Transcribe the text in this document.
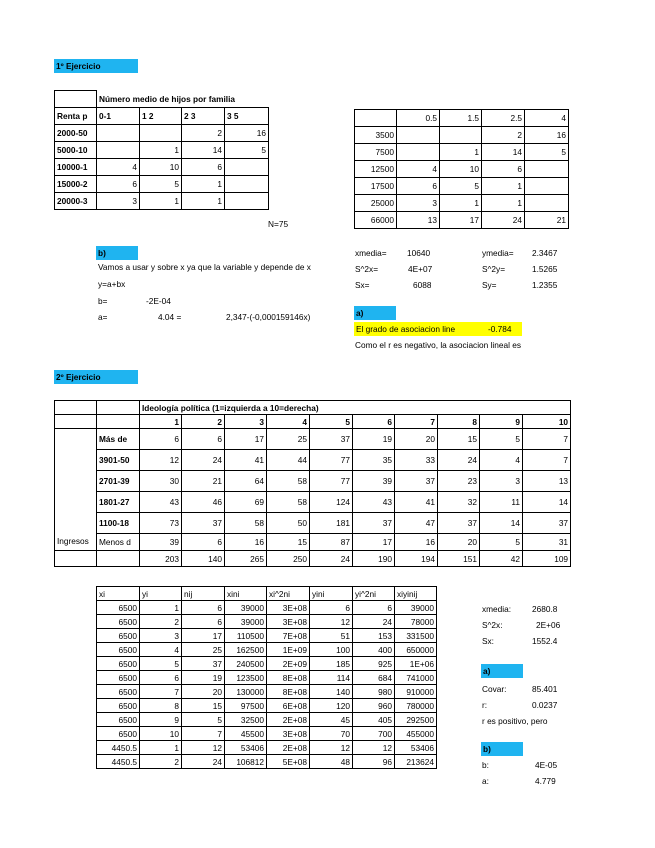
1º Ejercicio
	Número medio de hijos por familia			
Renta p	0-1	1 2	2 3	3 5
2000-50			2	16
5000-10		1	14	5
10000-1	4	10	6	
15000-2	6	5	1	
20000-3	3	1	1	
N=75
	0.5	1.5	2.5	4
3500			2	16
7500		1	14	5
12500	4	10	6	
17500	6	5	1	
25000	3	1	1	
66000	13	17	24	21
b)
Vamos a usar y sobre x ya que la variable y depende de x
y=a+bx
b=	-2E-04
a=	4.04 =	2,347-(-0,000159146x)
xmedia= 10640	ymedia= 2.3467
S^2x=	4E+07	S^2y=	1.5265
Sx=	6088	Sy=	1.2355
a)
El grado de asociacion line	-0.784
Como el r es negativo, la asociacion lineal es
2º Ejercicio
		Ideología política (1=izquierda a 10=derecha)									
		1	2	3	4	5	6	7	8	9	10
Ingresos	Más de	6	6	17	25	37	19	20	15	5	7
	3901-50	12	24	41	44	77	35	33	24	4	7
	2701-39	30	21	64	58	77	39	37	23	3	13
	1801-27	43	46	69	58	124	43	41	32	11	14
	1100-18	73	37	58	50	181	37	47	37	14	37
	Menos d	39	6	16	15	87	17	16	20	5	31
		203	140	265	250	24	190	194	151	42	109
xi	yi	nij	xini	xi^2ni	yini	yi^2ni	xiyinij
6500	1	6	39000	3E+08	6	6	39000
6500	2	6	39000	3E+08	12	24	78000
6500	3	17	110500	7E+08	51	153	331500
6500	4	25	162500	1E+09	100	400	650000
6500	5	37	240500	2E+09	185	925	1E+06
6500	6	19	123500	8E+08	114	684	741000
6500	7	20	130000	8E+08	140	980	910000
6500	8	15	97500	6E+08	120	960	780000
6500	9	5	32500	2E+08	45	405	292500
6500	10	7	45500	3E+08	70	700	455000
4450.5	1	12	53406	2E+08	12	12	53406
4450.5	2	24	106812	5E+08	48	96	213624
xmedia:	2680.8
S^2x:	2E+06
Sx:	1552.4
a)
Covar:	85.401
r:	0.0237
r es positivo, pero
b)
b:	4E-05
a:	4.779
